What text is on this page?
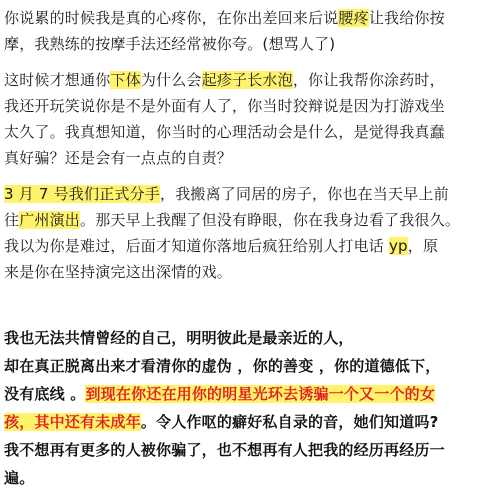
你说累的时候我是真的心疼你，在你出差回来后说腰疼让我给你按
摩，我熟练的按摩手法还经常被你夸。(想骂人了)
这时候才想通你下体为什么会起疹子长水泡，你让我帮你涂药时，
我还开玩笑说你是不是外面有人了，你当时狡辩说是因为打游戏坐
太久了。我真想知道，你当时的心理活动会是什么，是觉得我真蠢
真好骗？还是会有一点点的自责？
3 月 7 号我们正式分手，我搬离了同居的房子，你也在当天早上前
往广州演出。那天早上我醒了但没有睁眼，你在我身边看了我很久。
我以为你是难过，后面才知道你落地后疯狂给别人打电话 yp，原
来是你在坚持演完这出深情的戏。
我也无法共情曾经的自己，明明彼此是最亲近的人，
却在真正脱离出来才看清你的虚伪 ，你的善变 ，你的道德低下，
没有底线 。到现在你还在用你的明星光环去诱骗一个又一个的女
孩，其中还有未成年。令人作呕的癖好私自录的音，她们知道吗?
我不想再有更多的人被你骗了，也不想再有人把我的经历再经历一
遍。
